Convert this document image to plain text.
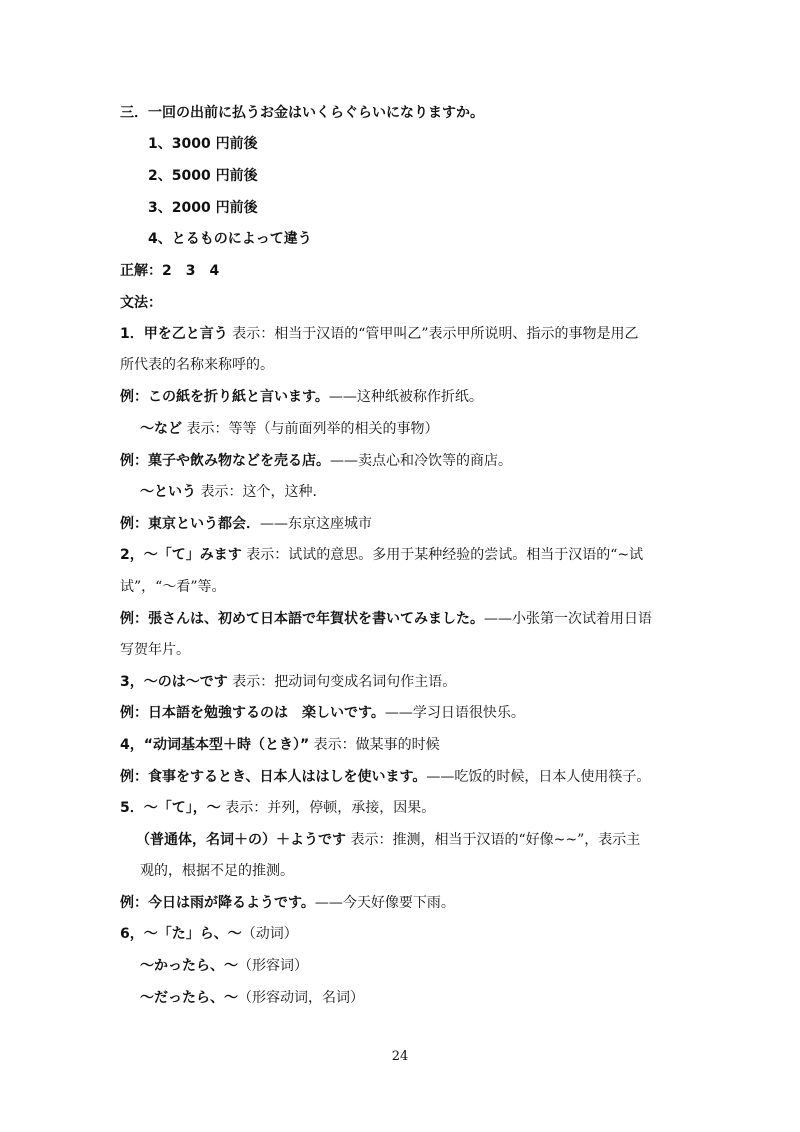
三．一回の出前に払うお金はいくらぐらいになりますか。
1、3000 円前後
2、5000 円前後
3、2000 円前後
4、とるものによって違う
正解：2　3　4
文法：
1．甲を乙と言う 表示：相当于汉语的“管甲叫乙”表示甲所说明、指示的事物是用乙
所代表的名称来称呼的。
例：この紙を折り紙と言います。——这种纸被称作折纸。
～など 表示：等等（与前面列举的相关的事物）
例：菓子や飲み物などを売る店。——卖点心和冷饮等的商店。
～という 表示：这个，这种．
例：東京という都会．——东京这座城市
2，～「て」みます 表示：试试的意思。多用于某种经验的尝试。相当于汉语的“~试
试”，“～看”等。
例：張さんは、初めて日本語で年賀状を書いてみました。——小张第一次试着用日语
写贺年片。
3，～のは～です 表示：把动词句变成名词句作主语。
例：日本語を勉強するのは　楽しいです。——学习日语很快乐。
4，“动词基本型＋時（とき）” 表示：做某事的时候
例：食事をするとき、日本人ははしを使います。——吃饭的时候，日本人使用筷子。
5．～「て」，～ 表示：并列，停顿，承接，因果。
（普通体，名词＋の）＋ようです 表示：推测，相当于汉语的“好像~~”，表示主
观的，根据不足的推测。
例：今日は雨が降るようです。——今天好像要下雨。
6，～「た」ら、～（动词）
～かったら、～（形容词）
～だったら、～（形容动词，名词）
24
